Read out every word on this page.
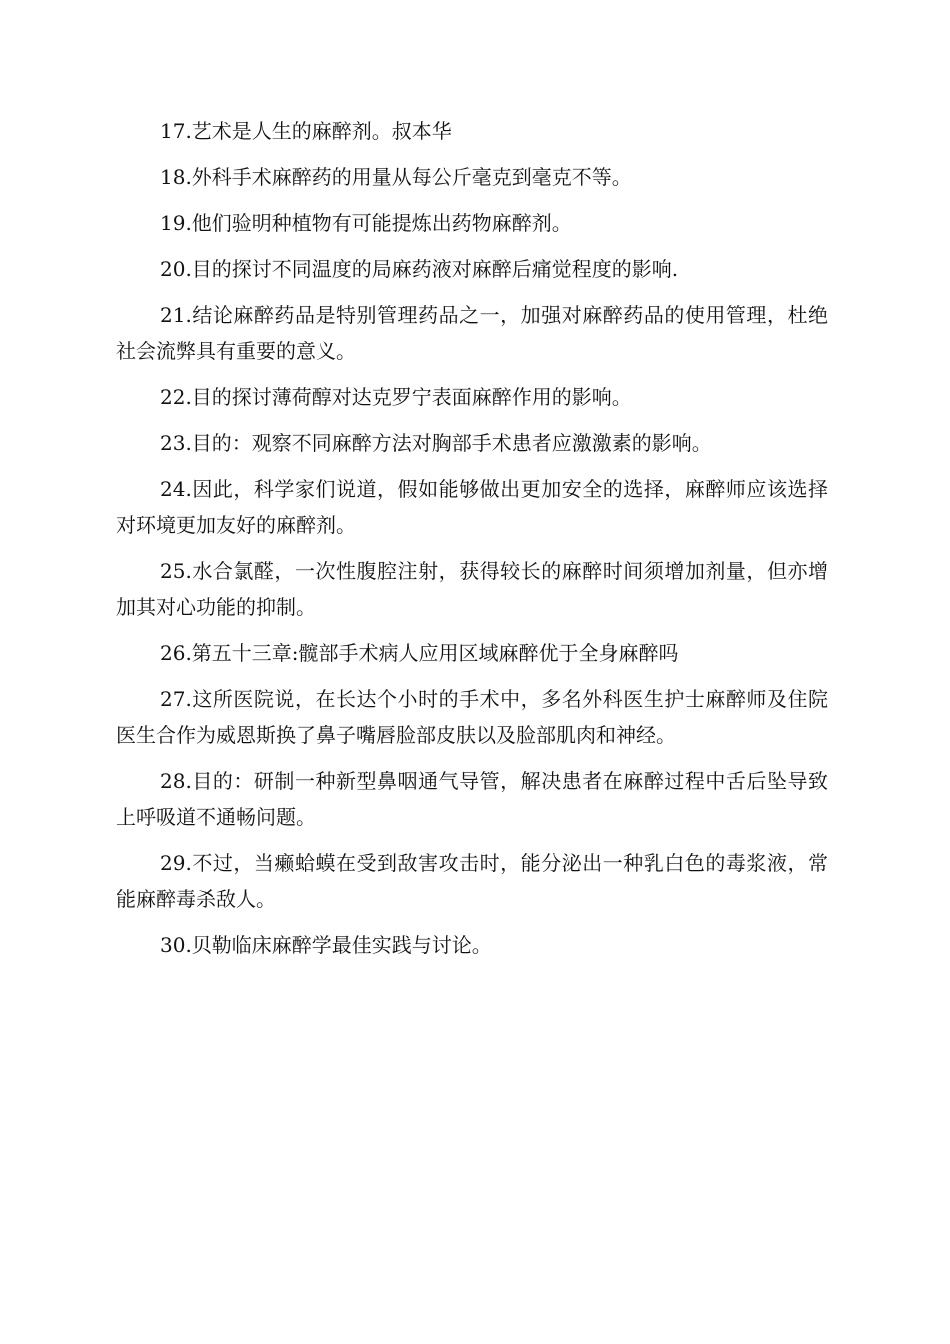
17.艺术是人生的麻醉剂。叔本华

18.外科手术麻醉药的用量从每公斤毫克到毫克不等。

19.他们验明种植物有可能提炼出药物麻醉剂。

20.目的探讨不同温度的局麻药液对麻醉后痛觉程度的影响.

21.结论麻醉药品是特别管理药品之一，加强对麻醉药品的使用管理，杜绝社会流弊具有重要的意义。

22.目的探讨薄荷醇对达克罗宁表面麻醉作用的影响。

23.目的：观察不同麻醉方法对胸部手术患者应激激素的影响。

24.因此，科学家们说道，假如能够做出更加安全的选择，麻醉师应该选择对环境更加友好的麻醉剂。

25.水合氯醛，一次性腹腔注射，获得较长的麻醉时间须增加剂量，但亦增加其对心功能的抑制。

26.第五十三章:髋部手术病人应用区域麻醉优于全身麻醉吗

27.这所医院说，在长达个小时的手术中，多名外科医生护士麻醉师及住院医生合作为威恩斯换了鼻子嘴唇脸部皮肤以及脸部肌肉和神经。

28.目的：研制一种新型鼻咽通气导管，解决患者在麻醉过程中舌后坠导致上呼吸道不通畅问题。

29.不过，当癞蛤蟆在受到敌害攻击时，能分泌出一种乳白色的毒浆液，常能麻醉毒杀敌人。

30.贝勒临床麻醉学最佳实践与讨论。
